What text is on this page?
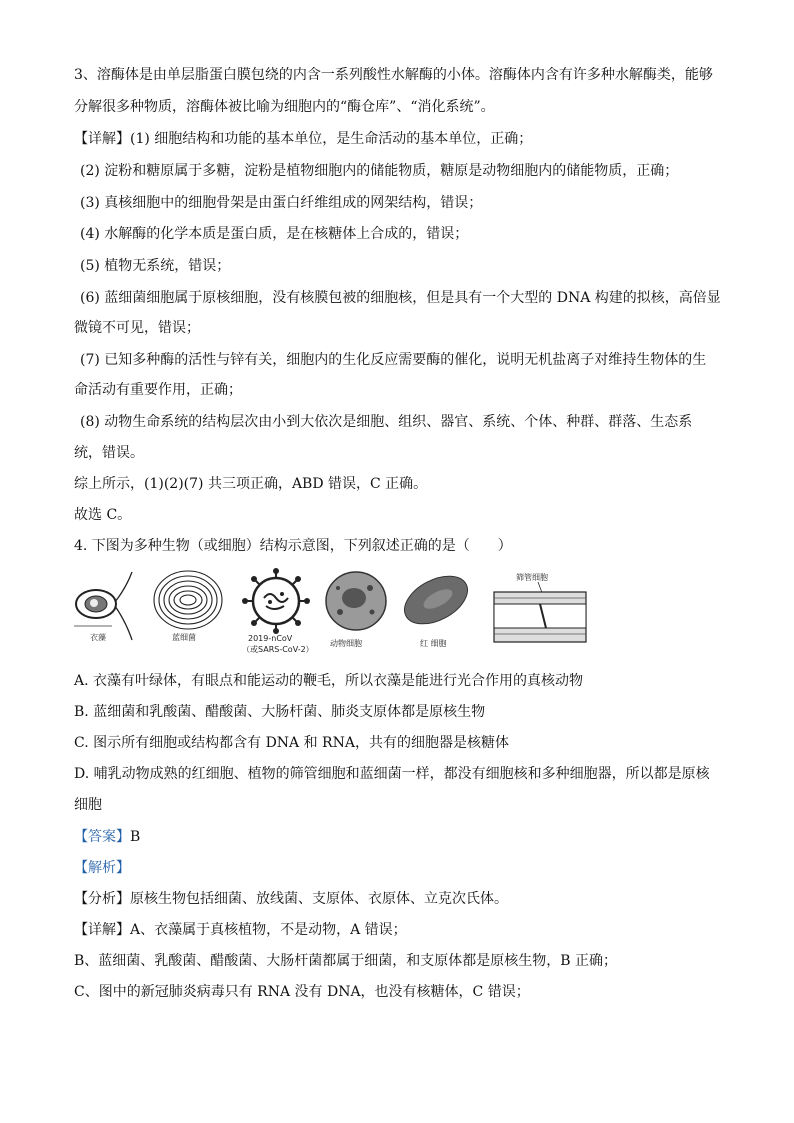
3、溶酶体是由单层脂蛋白膜包绕的内含一系列酸性水解酶的小体。溶酶体内含有许多种水解酶类，能够
分解很多种物质，溶酶体被比喻为细胞内的“酶仓库”、“消化系统”。
【详解】(1) 细胞结构和功能的基本单位，是生命活动的基本单位，正确；
(2) 淀粉和糖原属于多糖，淀粉是植物细胞内的储能物质，糖原是动物细胞内的储能物质，正确；
(3) 真核细胞中的细胞骨架是由蛋白纤维组成的网架结构，错误；
(4) 水解酶的化学本质是蛋白质，是在核糖体上合成的，错误；
(5) 植物无系统，错误；
(6) 蓝细菌细胞属于原核细胞，没有核膜包被的细胞核，但是具有一个大型的 DNA 构建的拟核，高倍显
微镜不可见，错误；
(7) 已知多种酶的活性与锌有关，细胞内的生化反应需要酶的催化，说明无机盐离子对维持生物体的生
命活动有重要作用，正确；
(8) 动物生命系统的结构层次由小到大依次是细胞、组织、器官、系统、个体、种群、群落、生态系
统，错误。
综上所示，(1)(2)(7) 共三项正确，ABD 错误，C 正确。
故选 C。
4. 下图为多种生物（或细胞）结构示意图，下列叙述正确的是（　　）
衣藻	蓝细菌	2019-nCoV
（或SARS-CoV-2）
动物细胞	红 细胞
筛管细胞
A. 衣藻有叶绿体，有眼点和能运动的鞭毛，所以衣藻是能进行光合作用的真核动物
B. 蓝细菌和乳酸菌、醋酸菌、大肠杆菌、肺炎支原体都是原核生物
C. 图示所有细胞或结构都含有 DNA 和 RNA，共有的细胞器是核糖体
D. 哺乳动物成熟的红细胞、植物的筛管细胞和蓝细菌一样，都没有细胞核和多种细胞器，所以都是原核
细胞
【答案】B
【解析】
【分析】原核生物包括细菌、放线菌、支原体、衣原体、立克次氏体。
【详解】A、衣藻属于真核植物，不是动物，A 错误；
B、蓝细菌、乳酸菌、醋酸菌、大肠杆菌都属于细菌，和支原体都是原核生物，B 正确；
C、图中的新冠肺炎病毒只有 RNA 没有 DNA，也没有核糖体，C 错误；
